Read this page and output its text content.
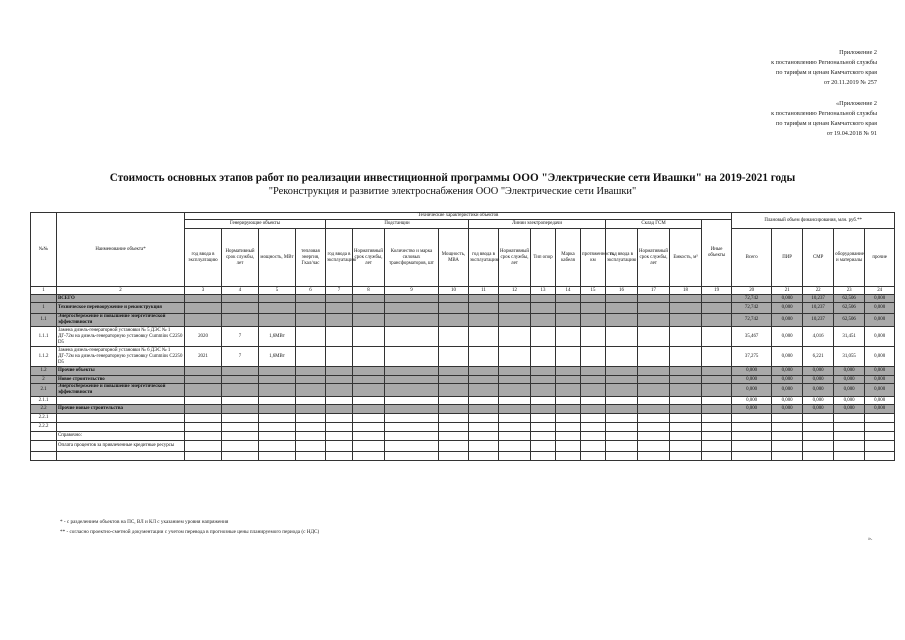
Приложение 2
к постановлению Региональной службы
по тарифам и ценам Камчатского края
от 20.11.2019 № 257
«Приложение 2
к постановлению Региональной службы
по тарифам и ценам Камчатского края
от 19.04.2018 № 91
Стоимость основных этапов работ по реализации инвестиционной программы ООО "Электрические сети Ивашки" на 2019-2021 годы
"Реконструкция и развитие электроснабжения ООО "Электрические сети Ивашки"
№№	Наименование объекта*	Технические характеристики объектов																	Плановый объем финансирования, млн. руб.**				
		Генерирующие объекты				Подстанции				Линии электропередачи					Склад ГСМ			Иные объекты					
		год ввода в эксплуатацию	Нормативный срок службы, лет	мощность, МВт	тепловая энергия, Гкал/час	год ввода в эксплуатацию	Нормативный срок службы, лет	Количество и марка силовых трансформаторов, шт	Мощность, МВА	год ввода в эксплуатацию	Нормативный срок службы, лет	Тип опор	Марка кабеля	протяженность, км	год ввода в эксплуатацию	Нормативный срок службы, лет	Емкость, м³		Всего	ПИР	СМР	оборудование и материалы	прочие
1	2	3	4	5	6	7	8	9	10	11	12	13	14	15	16	17	18	19	20	21	22	23	24
	ВСЕГО																		72,742	0,000	10,237	62,506	0,000
1	Техническое перевооружение и реконструкция																		72,742	0,000	10,237	62,506	0,000
1.1	Энергосбережение и повышение энергетической эффективности																		72,742	0,000	10,237	62,506	0,000
1.1.1	Замена дизель-генераторной установки № 5 ДЭС № 1 ДГ-72м на дизель-генераторную установку Cummins C2250 D5	2020	7	1,6МВт															35,467	0,000	4,016	31,451	0,000
1.1.2	Замена дизель-генераторной установки № 6 ДЭС № 1 ДГ-72м на дизель-генераторную установку Cummins C2250 D5	2021	7	1,6МВт															37,275	0,000	6,221	31,055	0,000
1.2	Прочие объекты																		0,000	0,000	0,000	0,000	0,000
2	Новое строительство																		0,000	0,000	0,000	0,000	0,000
2.1	Энергосбережение и повышение энергетической эффективности																		0,000	0,000	0,000	0,000	0,000
2.1.1																			0,000	0,000	0,000	0,000	0,000
2.2	Прочие новые строительства																		0,000	0,000	0,000	0,000	0,000
2.2.1																							
2.2.2																							
	Справочно:																						
	Оплата процентов за привлеченные кредитные ресурсы																						

* - с разделением объектов на ПС, ВЛ и КЛ с указанием уровня напряжения
** - согласно проектно-сметной документации с учетом перевода в прогнозные цены планируемого периода (с НДС)
».
